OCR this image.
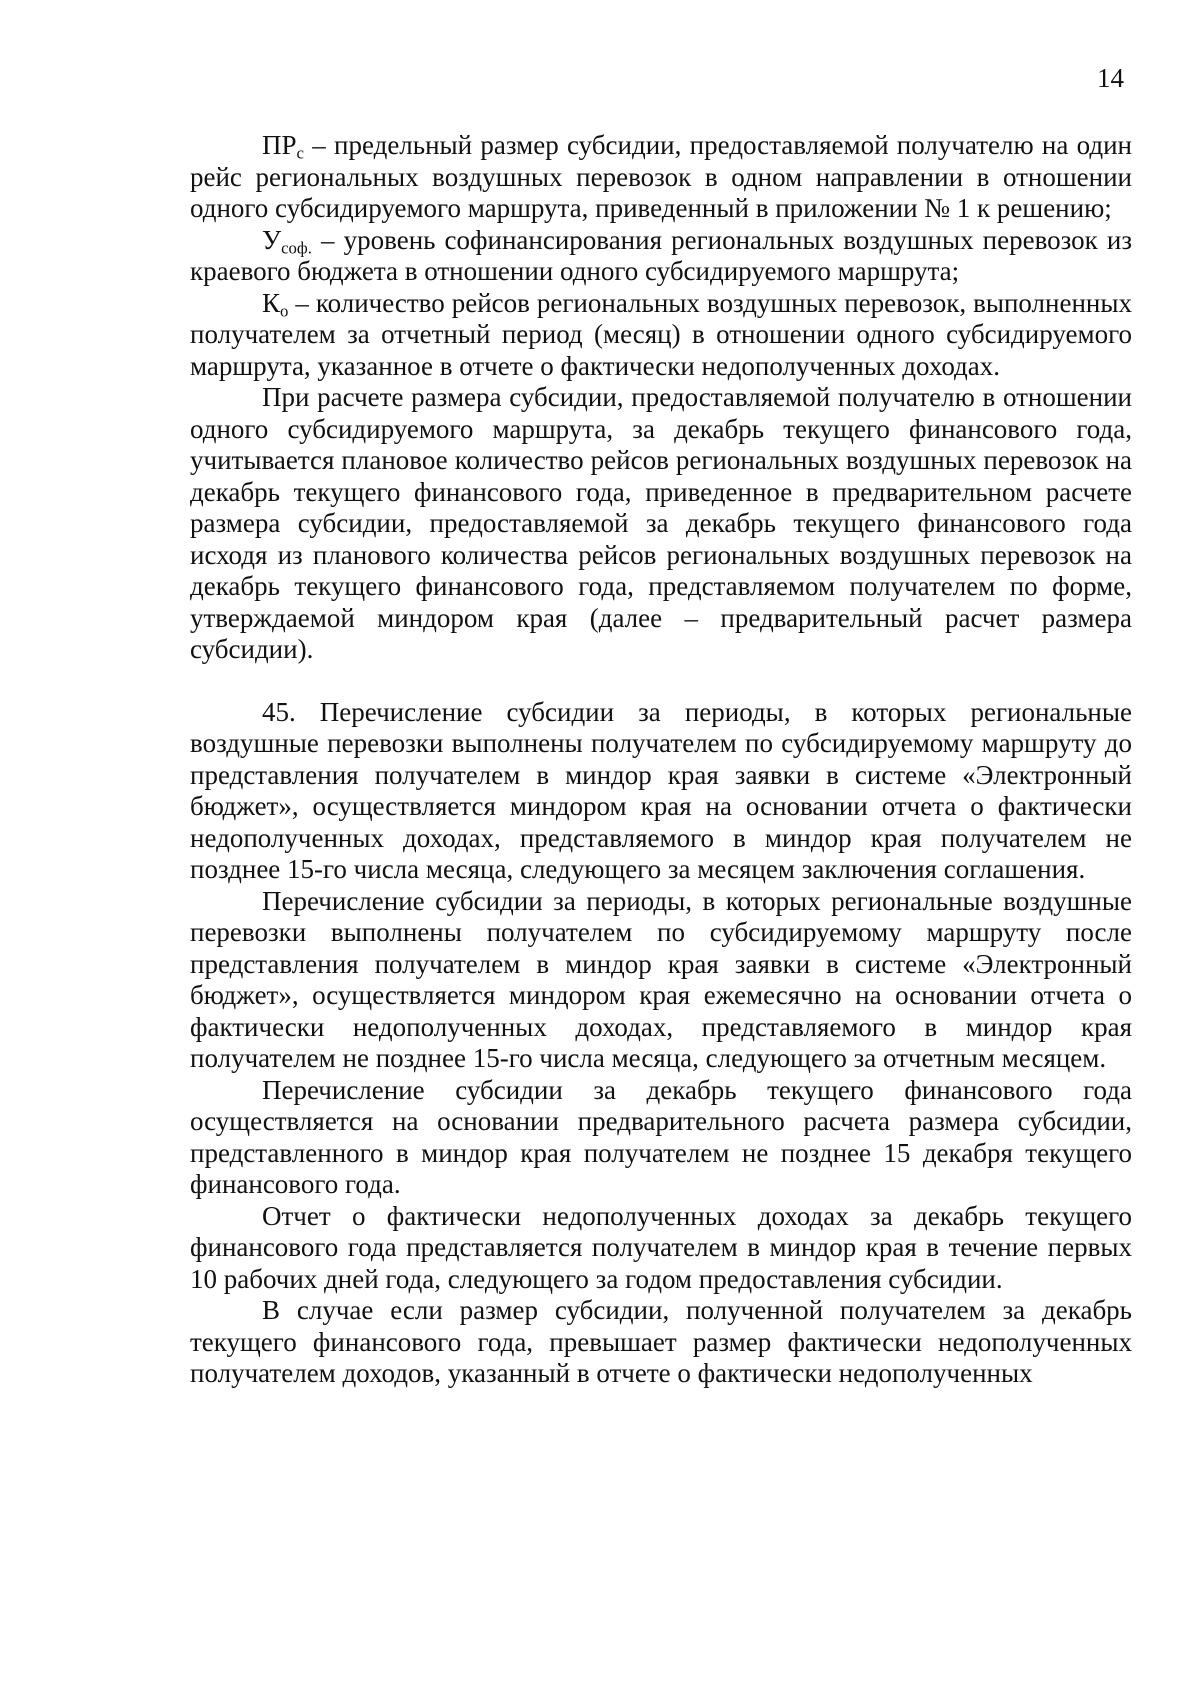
14

$ПР_с$ – предельный размер субсидии, предоставляемой получателю на один рейс региональных воздушных перевозок в одном направлении в отношении одного субсидируемого маршрута, приведенный в приложении № 1 к решению;

$У_{соф.}$ – уровень софинансирования региональных воздушных перевозок из краевого бюджета в отношении одного субсидируемого маршрута;

$К_о$ – количество рейсов региональных воздушных перевозок, выполненных получателем за отчетный период (месяц) в отношении одного субсидируемого маршрута, указанное в отчете о фактически недополученных доходах.

При расчете размера субсидии, предоставляемой получателю в отношении одного субсидируемого маршрута, за декабрь текущего финансового года, учитывается плановое количество рейсов региональных воздушных перевозок на декабрь текущего финансового года, приведенное в предварительном расчете размера субсидии, предоставляемой за декабрь текущего финансового года исходя из планового количества рейсов региональных воздушных перевозок на декабрь текущего финансового года, представляемом получателем по форме, утверждаемой миндором края (далее – предварительный расчет размера субсидии).

45. Перечисление субсидии за периоды, в которых региональные воздушные перевозки выполнены получателем по субсидируемому маршруту до представления получателем в миндор края заявки в системе «Электронный бюджет», осуществляется миндором края на основании отчета о фактически недополученных доходах, представляемого в миндор края получателем не позднее 15-го числа месяца, следующего за месяцем заключения соглашения.

Перечисление субсидии за периоды, в которых региональные воздушные перевозки выполнены получателем по субсидируемому маршруту после представления получателем в миндор края заявки в системе «Электронный бюджет», осуществляется миндором края ежемесячно на основании отчета о фактически недополученных доходах, представляемого в миндор края получателем не позднее 15-го числа месяца, следующего за отчетным месяцем.

Перечисление субсидии за декабрь текущего финансового года осуществляется на основании предварительного расчета размера субсидии, представленного в миндор края получателем не позднее 15 декабря текущего финансового года.

Отчет о фактически недополученных доходах за декабрь текущего финансового года представляется получателем в миндор края в течение первых 10 рабочих дней года, следующего за годом предоставления субсидии.

В случае если размер субсидии, полученной получателем за декабрь текущего финансового года, превышает размер фактически недополученных получателем доходов, указанный в отчете о фактически недополученных
